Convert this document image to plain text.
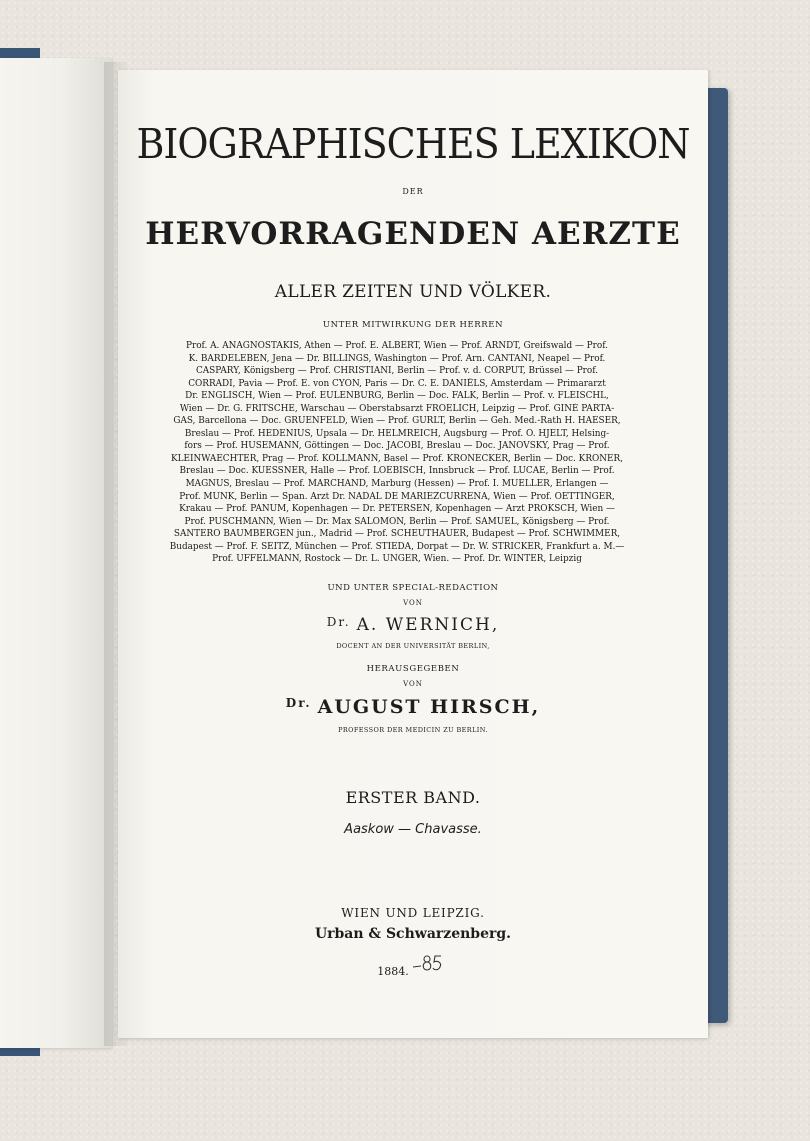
BIOGRAPHISCHES LEXIKON
DER
HERVORRAGENDEN AERZTE
ALLER ZEITEN UND VÖLKER.
UNTER MITWIRKUNG DER HERREN
Prof. A. ANAGNOSTAKIS, Athen — Prof. E. ALBERT, Wien — Prof. ARNDT, Greifswald — Prof.
K. BARDELEBEN, Jena — Dr. BILLINGS, Washington — Prof. Arn. CANTANI, Neapel — Prof.
CASPARY, Königsberg — Prof. CHRISTIANI, Berlin — Prof. v. d. CORPUT, Brüssel — Prof.
CORRADI, Pavia — Prof. E. von CYON, Paris — Dr. C. E. DANIËLS, Amsterdam — Primararzt
Dr. ENGLISCH, Wien — Prof. EULENBURG, Berlin — Doc. FALK, Berlin — Prof. v. FLEISCHL,
Wien — Dr. G. FRITSCHE, Warschau — Oberstabsarzt FROELICH, Leipzig — Prof. GINÉ PARTA-
GAS, Barcellona — Doc. GRUENFELD, Wien — Prof. GURLT, Berlin — Geh. Med.-Rath H. HAESER,
Breslau — Prof. HEDENIUS, Upsala — Dr. HELMREICH, Augsburg — Prof. O. HJELT, Helsing-
fors — Prof. HUSEMANN, Göttingen — Doc. JACOBI, Breslau — Doc. JANOVSKY, Prag — Prof.
KLEINWAECHTER, Prag — Prof. KOLLMANN, Basel — Prof. KRONECKER, Berlin — Doc. KRONER,
Breslau — Doc. KUESSNER, Halle — Prof. LOEBISCH, Innsbruck — Prof. LUCAE, Berlin — Prof.
MAGNUS, Breslau — Prof. MARCHAND, Marburg (Hessen) — Prof. I. MUELLER, Erlangen —
Prof. MUNK, Berlin — Span. Arzt Dr. NADAL DE MARIEZCURRENA, Wien — Prof. OETTINGER,
Krakau — Prof. PANUM, Kopenhagen — Dr. PETERSEN, Kopenhagen — Arzt PROKSCH, Wien —
Prof. PUSCHMANN, Wien — Dr. Max SALOMON, Berlin — Prof. SAMUEL, Königsberg — Prof.
SANTERO BAUMBERGEN jun., Madrid — Prof. SCHEUTHAUER, Budapest — Prof. SCHWIMMER,
Budapest — Prof. F. SEITZ, München — Prof. STIEDA, Dorpat — Dr. W. STRICKER, Frankfurt a. M.—
Prof. UFFELMANN, Rostock — Dr. L. UNGER, Wien. — Prof. Dr. WINTER, Leipzig
UND UNTER SPECIAL-REDACTION
VON
$^{Dr.}$ A. WERNICH,
DOCENT AN DER UNIVERSITÄT BERLIN,
HERAUSGEGEBEN
VON
$^{Dr.}$ AUGUST HIRSCH,
PROFESSOR DER MEDICIN ZU BERLIN.
ERSTER BAND.
Aaskow — Chavasse.
WIEN UND LEIPZIG.
Urban & Schwarzenberg.
1884.
